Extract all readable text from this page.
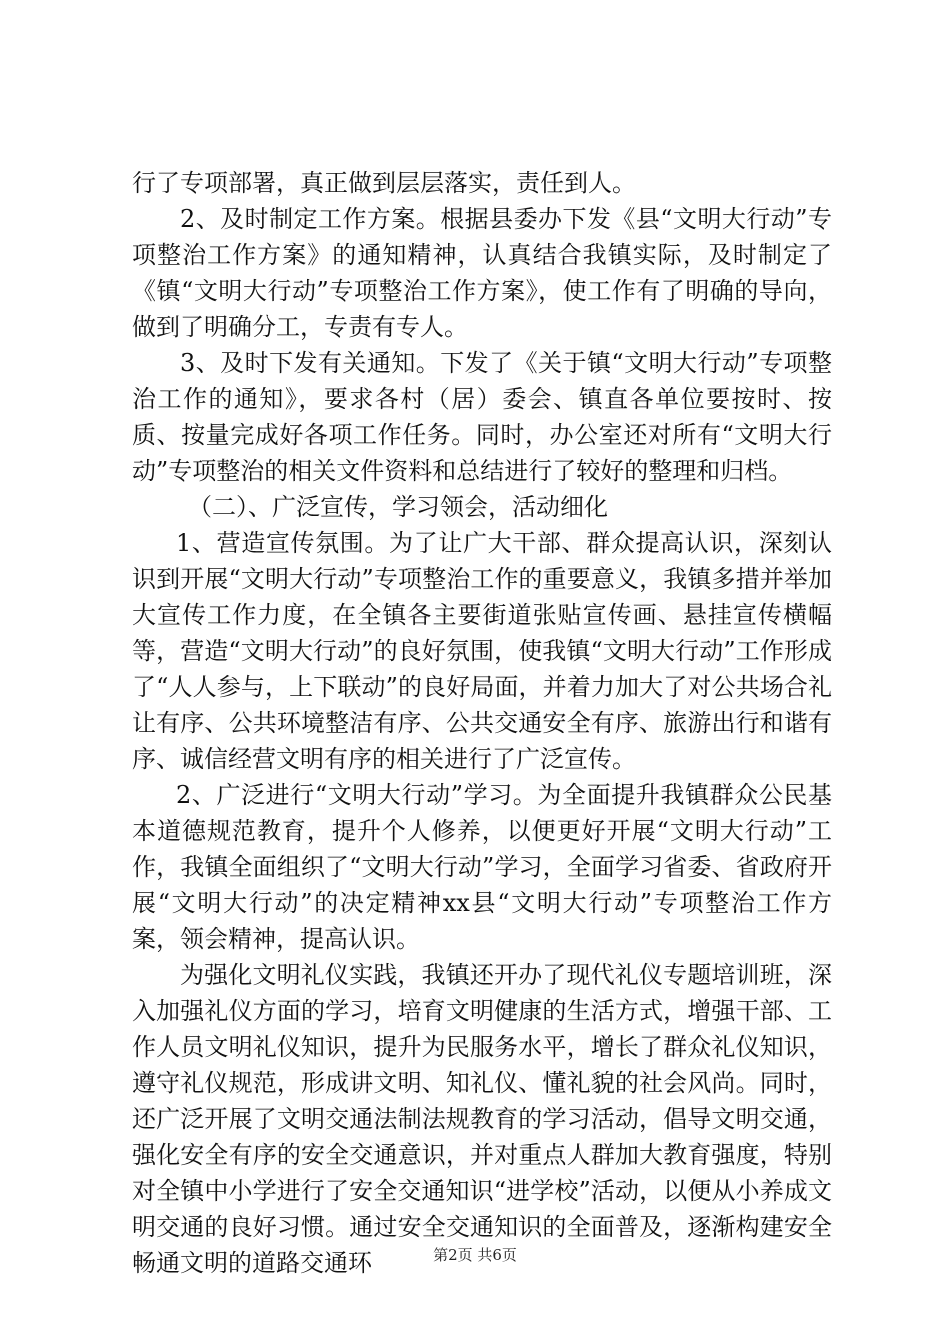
行了专项部署，真正做到层层落实，责任到人。

2、及时制定工作方案。根据县委办下发《县“文明大行动”专项整治工作方案》的通知精神，认真结合我镇实际，及时制定了《镇“文明大行动”专项整治工作方案》，使工作有了明确的导向，做到了明确分工，专责有专人。

3、及时下发有关通知。下发了《关于镇“文明大行动”专项整治工作的通知》，要求各村（居）委会、镇直各单位要按时、按质、按量完成好各项工作任务。同时，办公室还对所有“文明大行动”专项整治的相关文件资料和总结进行了较好的整理和归档。

（二）、广泛宣传，学习领会，活动细化

1、营造宣传氛围。为了让广大干部、群众提高认识，深刻认识到开展“文明大行动”专项整治工作的重要意义，我镇多措并举加大宣传工作力度，在全镇各主要街道张贴宣传画、悬挂宣传横幅等，营造“文明大行动”的良好氛围，使我镇“文明大行动”工作形成了“人人参与，上下联动”的良好局面，并着力加大了对公共场合礼让有序、公共环境整洁有序、公共交通安全有序、旅游出行和谐有序、诚信经营文明有序的相关进行了广泛宣传。

2、广泛进行“文明大行动”学习。为全面提升我镇群众公民基本道德规范教育，提升个人修养，以便更好开展“文明大行动”工作，我镇全面组织了“文明大行动”学习，全面学习省委、省政府开展“文明大行动”的决定精神xx县“文明大行动”专项整治工作方案，领会精神，提高认识。

为强化文明礼仪实践，我镇还开办了现代礼仪专题培训班，深入加强礼仪方面的学习，培育文明健康的生活方式，增强干部、工作人员文明礼仪知识，提升为民服务水平，增长了群众礼仪知识，遵守礼仪规范，形成讲文明、知礼仪、懂礼貌的社会风尚。同时，还广泛开展了文明交通法制法规教育的学习活动，倡导文明交通，强化安全有序的安全交通意识，并对重点人群加大教育强度，特别对全镇中小学进行了安全交通知识“进学校”活动，以便从小养成文明交通的良好习惯。通过安全交通知识的全面普及，逐渐构建安全畅通文明的道路交通环	第2页 共6页
